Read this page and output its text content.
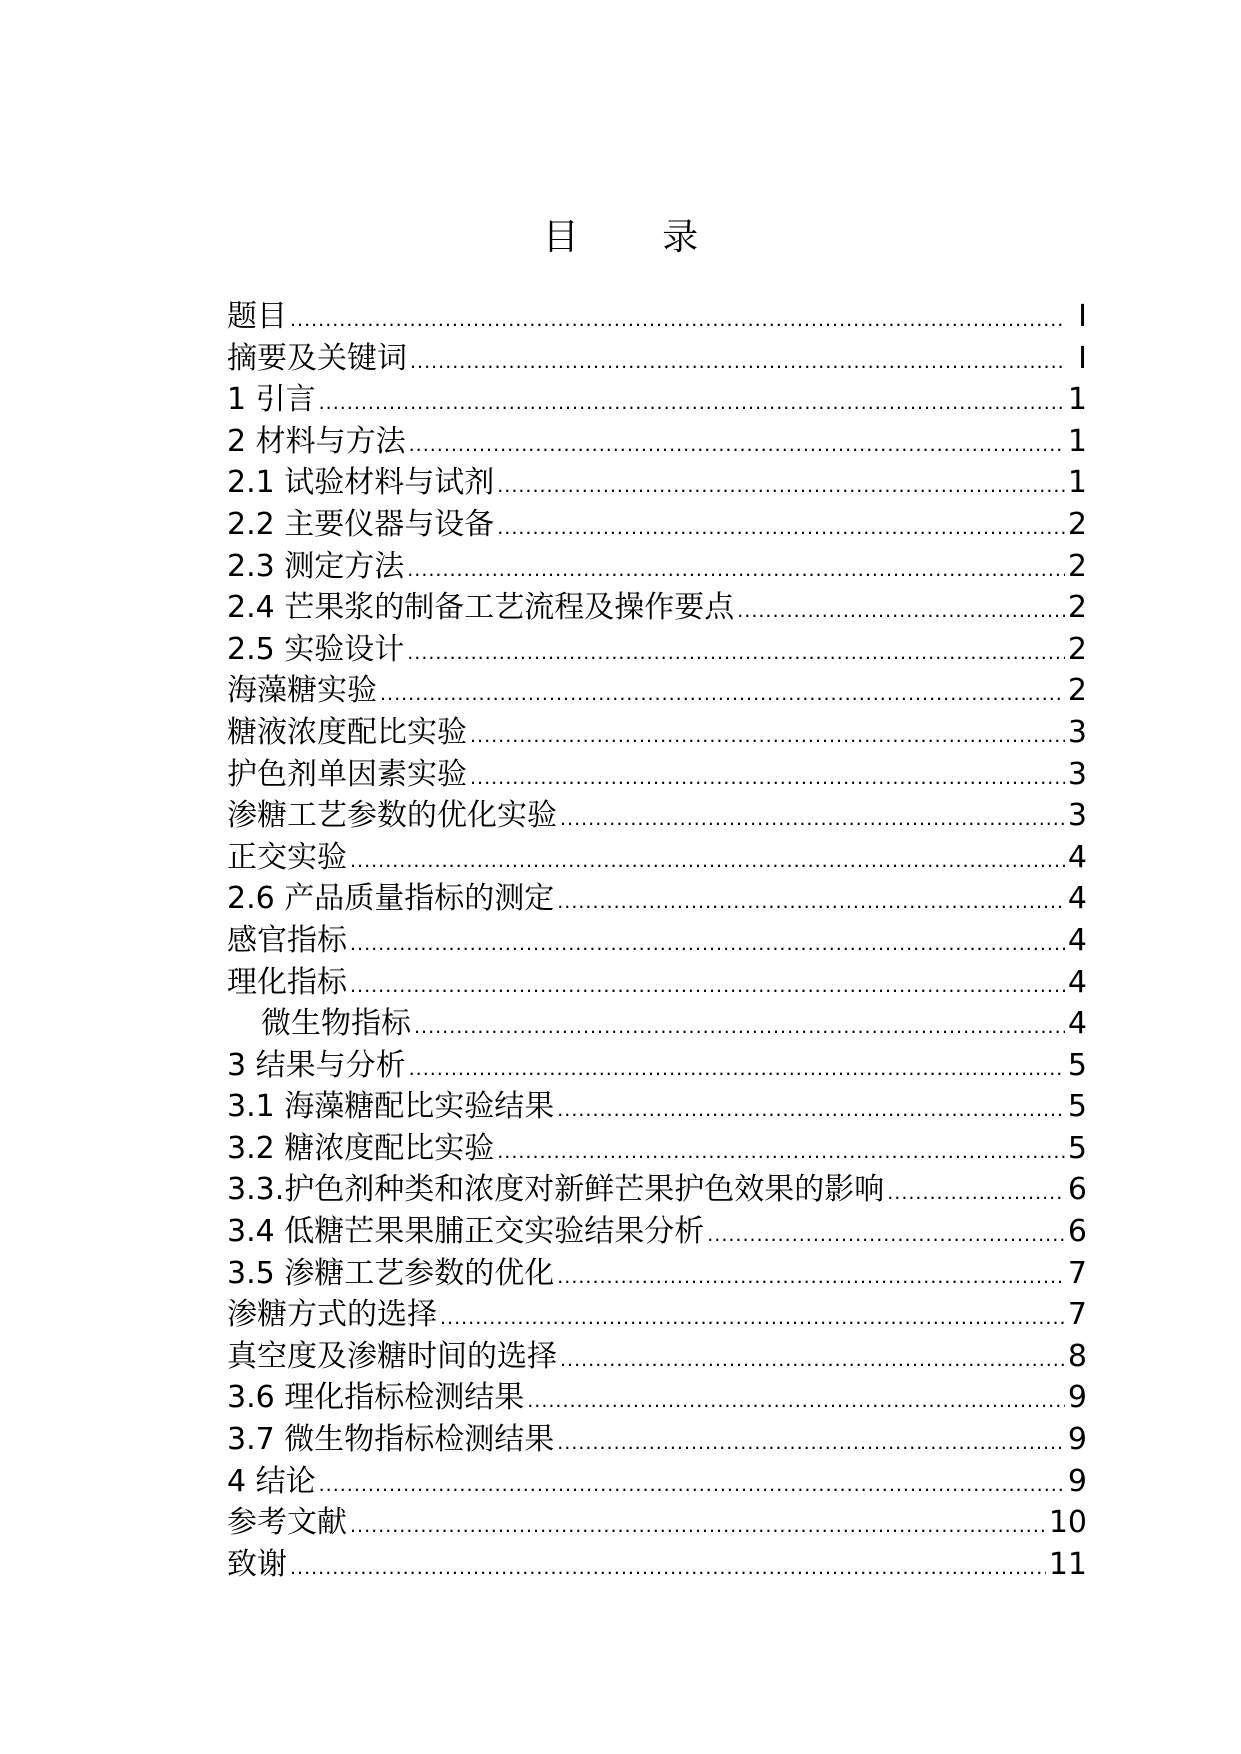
目 录
题目 .....	I
摘要及关键词 .....	I
1 引言 .....	1
2 材料与方法 .....	1
2.1 试验材料与试剂 .....	1
2.2 主要仪器与设备 .....	2
2.3 测定方法 .....	2
2.4 芒果浆的制备工艺流程及操作要点 .....	2
2.5 实验设计 .....	2
海藻糖实验 .....	2
糖液浓度配比实验 .....	3
护色剂单因素实验 .....	3
渗糖工艺参数的优化实验 .....	3
正交实验 .....	4
2.6 产品质量指标的测定 .....	4
感官指标 .....	4
理化指标 .....	4
微生物指标 .....	4
3 结果与分析 .....	5
3.1 海藻糖配比实验结果 .....	5
3.2 糖浓度配比实验 .....	5
3.3.护色剂种类和浓度对新鲜芒果护色效果的影响 .....	6
3.4 低糖芒果果脯正交实验结果分析 .....	6
3.5 渗糖工艺参数的优化 .....	7
渗糖方式的选择 .....	7
真空度及渗糖时间的选择 .....	8
3.6 理化指标检测结果 .....	9
3.7 微生物指标检测结果 .....	9
4 结论 .....	9
参考文献 .....	10
致谢 .....	11
